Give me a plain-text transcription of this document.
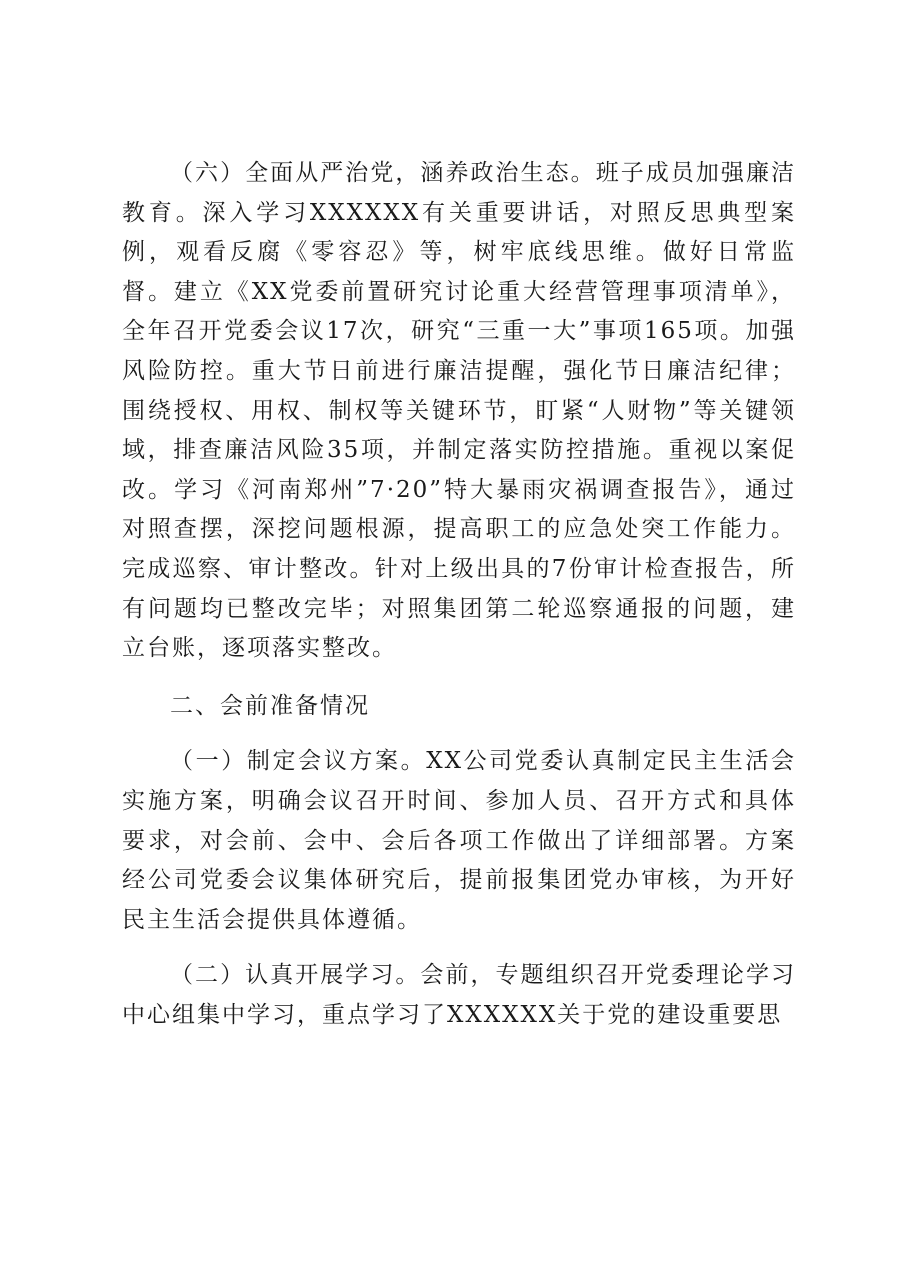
（六）全面从严治党，涵养政治生态。班子成员加强廉洁教育。深入学习XXXXXX有关重要讲话，对照反思典型案例，观看反腐《零容忍》等，树牢底线思维。做好日常监督。建立《XX党委前置研究讨论重大经营管理事项清单》，全年召开党委会议17次，研究“三重一大”事项165项。加强风险防控。重大节日前进行廉洁提醒，强化节日廉洁纪律；围绕授权、用权、制权等关键环节，盯紧“人财物”等关键领域，排查廉洁风险35项，并制定落实防控措施。重视以案促改。学习《河南郑州”7·20”特大暴雨灾祸调查报告》，通过对照查摆，深挖问题根源，提高职工的应急处突工作能力。完成巡察、审计整改。针对上级出具的7份审计检查报告，所有问题均已整改完毕；对照集团第二轮巡察通报的问题，建立台账，逐项落实整改。

二、会前准备情况

（一）制定会议方案。XX公司党委认真制定民主生活会实施方案，明确会议召开时间、参加人员、召开方式和具体要求，对会前、会中、会后各项工作做出了详细部署。方案经公司党委会议集体研究后，提前报集团党办审核，为开好民主生活会提供具体遵循。

（二）认真开展学习。会前，专题组织召开党委理论学习中心组集中学习，重点学习了XXXXXX关于党的建设重要思
